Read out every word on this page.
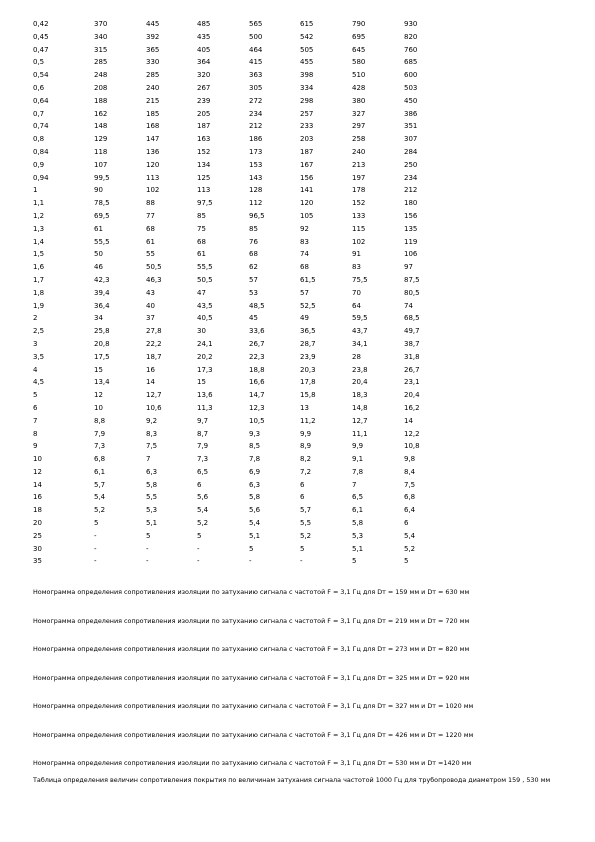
0,42	370	445	485	565	615	790	930
0,45	340	392	435	500	542	695	820
0,47	315	365	405	464	505	645	760
0,5	285	330	364	415	455	580	685
0,54	248	285	320	363	398	510	600
0,6	208	240	267	305	334	428	503
0,64	188	215	239	272	298	380	450
0,7	162	185	205	234	257	327	386
0,74	148	168	187	212	233	297	351
0,8	129	147	163	186	203	258	307
0,84	118	136	152	173	187	240	284
0,9	107	120	134	153	167	213	250
0,94	99,5	113	125	143	156	197	234
1	90	102	113	128	141	178	212
1,1	78,5	88	97,5	112	120	152	180
1,2	69,5	77	85	96,5	105	133	156
1,3	61	68	75	85	92	115	135
1,4	55,5	61	68	76	83	102	119
1,5	50	55	61	68	74	91	106
1,6	46	50,5	55,5	62	68	83	97
1,7	42,3	46,3	50,5	57	61,5	75,5	87,5
1,8	39,4	43	47	53	57	70	80,5
1,9	36,4	40	43,5	48,5	52,5	64	74
2	34	37	40,5	45	49	59,5	68,5
2,5	25,8	27,8	30	33,6	36,5	43,7	49,7
3	20,8	22,2	24,1	26,7	28,7	34,1	38,7
3,5	17,5	18,7	20,2	22,3	23,9	28	31,8
4	15	16	17,3	18,8	20,3	23,8	26,7
4,5	13,4	14	15	16,6	17,8	20,4	23,1
5	12	12,7	13,6	14,7	15,8	18,3	20,4
6	10	10,6	11,3	12,3	13	14,8	16,2
7	8,8	9,2	9,7	10,5	11,2	12,7	14
8	7,9	8,3	8,7	9,3	9,9	11,1	12,2
9	7,3	7,5	7,9	8,5	8,9	9,9	10,8
10	6,8	7	7,3	7,8	8,2	9,1	9,8
12	6,1	6,3	6,5	6,9	7,2	7,8	8,4
14	5,7	5,8	6	6,3	6	7	7,5
16	5,4	5,5	5,6	5,8	6	6,5	6,8
18	5,2	5,3	5,4	5,6	5,7	6,1	6,4
20	5	5,1	5,2	5,4	5,5	5,8	6
25	-	5	5	5,1	5,2	5,3	5,4
30	-	-	-	5	5	5,1	5,2
35	-	-	-	-	-	5	5
Номограмма определения сопротивления изоляции по затуханию сигнала с частотой F = 3,1 Гц для Dт = 159 мм и Dт = 630 мм
Номограмма определения сопротивления изоляции по затуханию сигнала с частотой F = 3,1 Гц для Dт = 219 мм и Dт = 720 мм
Номограмма определения сопротивления изоляции по затуханию сигнала с частотой F = 3,1 Гц для Dт = 273 мм и Dт = 820 мм
Номограмма определения сопротивления изоляции по затуханию сигнала с частотой F = 3,1 Гц для Dт = 325 мм и Dт = 920 мм
Номограмма определения сопротивления изоляции по затуханию сигнала с частотой F = 3,1 Гц для Dт = 327 мм и Dт = 1020 мм
Номограмма определения сопротивления изоляции по затуханию сигнала с частотой F = 3,1 Гц для Dт = 426 мм и Dт = 1220 мм
Номограмма определения сопротивления изоляции по затуханию сигнала с частотой F = 3,1 Гц для Dт = 530 мм и Dт =1420 мм
Таблица определения величин сопротивления покрытия по величинам затухания сигнала частотой 1000 Гц для трубопровода диаметром 159 , 530 мм
